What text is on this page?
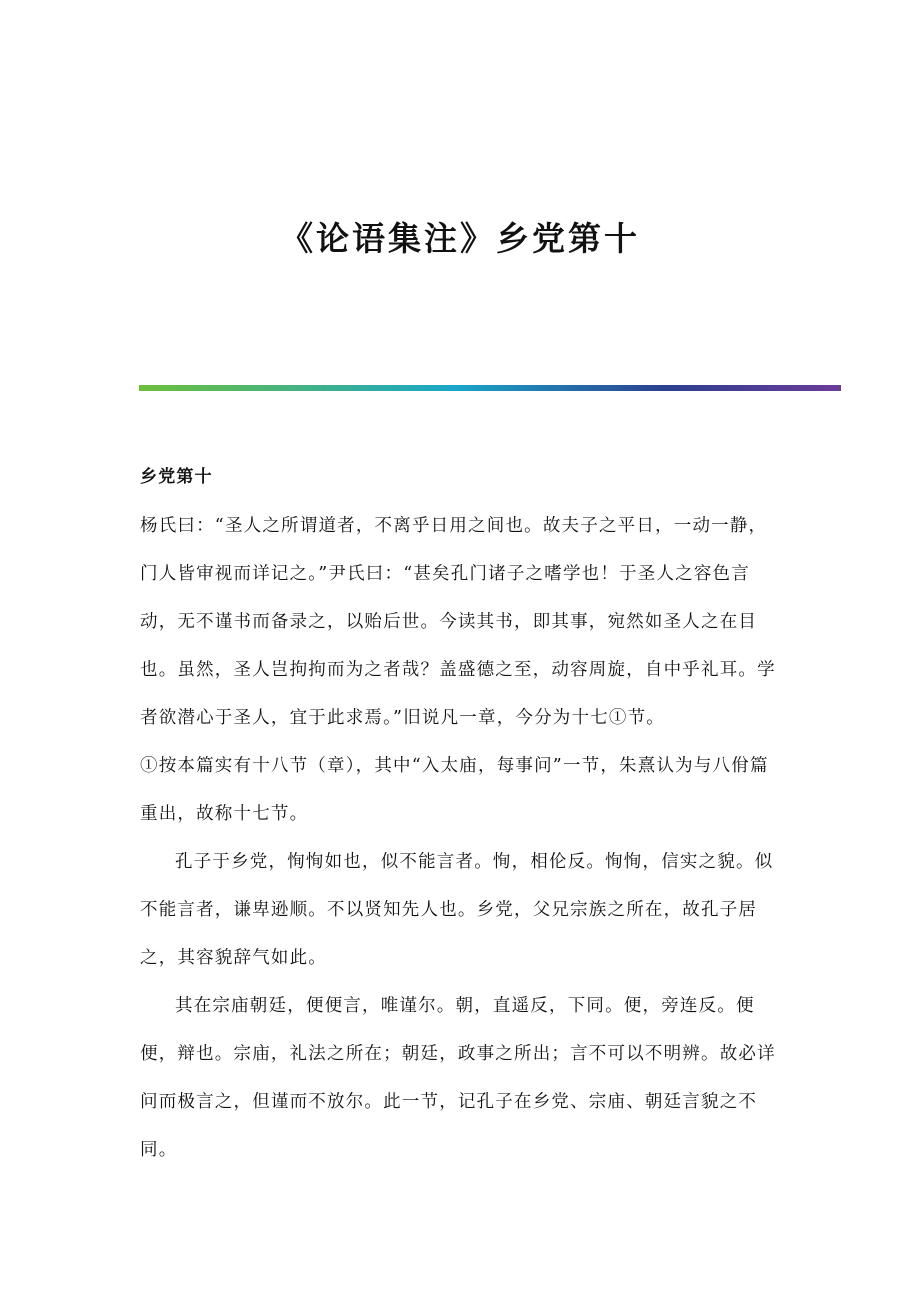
《论语集注》乡党第十
乡党第十

杨氏曰：“圣人之所谓道者，不离乎日用之间也。故夫子之平日，一动一静，门人皆审视而详记之。”尹氏曰：“甚矣孔门诸子之嗜学也！于圣人之容色言动，无不谨书而备录之，以贻后世。今读其书，即其事，宛然如圣人之在目也。虽然，圣人岂拘拘而为之者哉？盖盛德之至，动容周旋，自中乎礼耳。学者欲潜心于圣人，宜于此求焉。”旧说凡一章，今分为十七①节。

①按本篇实有十八节（章），其中“入太庙，每事问”一节，朱熹认为与八佾篇重出，故称十七节。

孔子于乡党，恂恂如也，似不能言者。恂，相伦反。恂恂，信实之貌。似不能言者，谦卑逊顺。不以贤知先人也。乡党，父兄宗族之所在，故孔子居之，其容貌辞气如此。

其在宗庙朝廷，便便言，唯谨尔。朝，直遥反，下同。便，旁连反。便便，辩也。宗庙，礼法之所在；朝廷，政事之所出；言不可以不明辨。故必详问而极言之，但谨而不放尔。此一节，记孔子在乡党、宗庙、朝廷言貌之不同。
